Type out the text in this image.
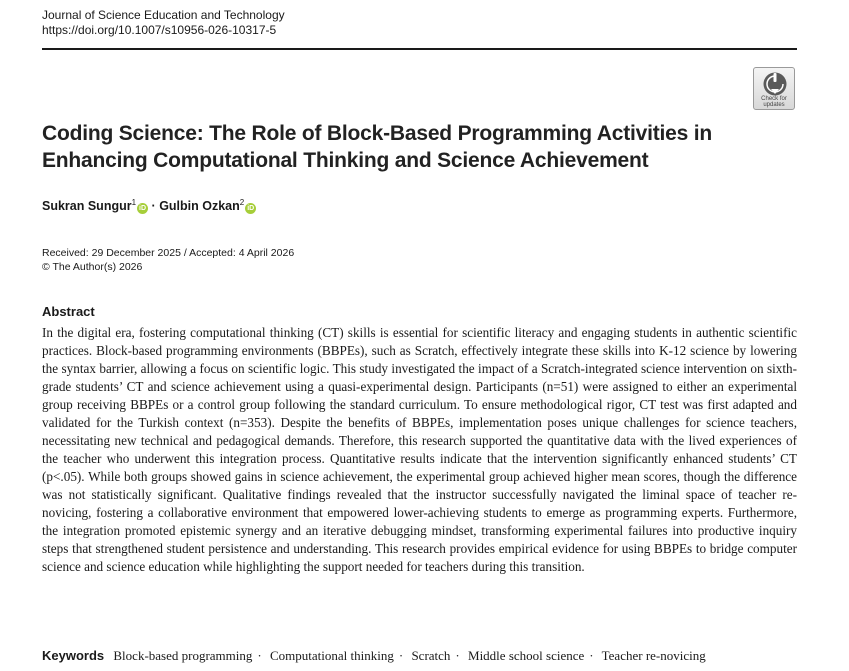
Journal of Science Education and Technology
https://doi.org/10.1007/s10956-026-10317-5
Check for
updates
Coding Science: The Role of Block-Based Programming Activities in Enhancing Computational Thinking and Science Achievement
Sukran Sungur$^1$iD · Gulbin Ozkan$^2$iD
Received: 29 December 2025 / Accepted: 4 April 2026
© The Author(s) 2026
Abstract

In the digital era, fostering computational thinking (CT) skills is essential for scientific literacy and engaging students in authentic scientific practices. Block-based programming environments (BBPEs), such as Scratch, effectively integrate these skills into K-12 science by lowering the syntax barrier, allowing a focus on scientific logic. This study investigated the impact of a Scratch-integrated science intervention on sixth-grade students’ CT and science achievement using a quasi-experimental design. Participants (n=51) were assigned to either an experimental group receiving BBPEs or a control group following the standard curriculum. To ensure methodological rigor, CT test was first adapted and validated for the Turkish context (n=353). Despite the benefits of BBPEs, implementation poses unique challenges for science teachers, necessitating new technical and pedagogical demands. Therefore, this research supported the quantitative data with the lived experiences of the teacher who underwent this integration process. Quantitative results indicate that the intervention significantly enhanced students’ CT (p<.05). While both groups showed gains in science achievement, the experimental group achieved higher mean scores, though the difference was not statistically significant. Qualitative findings revealed that the instructor successfully navigated the liminal space of teacher re-novicing, fostering a collaborative environment that empowered lower-achieving students to emerge as programming experts. Furthermore, the integration promoted epistemic synergy and an iterative debugging mindset, transforming experimental failures into productive inquiry steps that strengthened student persistence and understanding. This research provides empirical evidence for using BBPEs to bridge computer science and science education while highlighting the support needed for teachers during this transition.

Keywords Block-based programming · Computational thinking · Scratch · Middle school science · Teacher re-novicing
